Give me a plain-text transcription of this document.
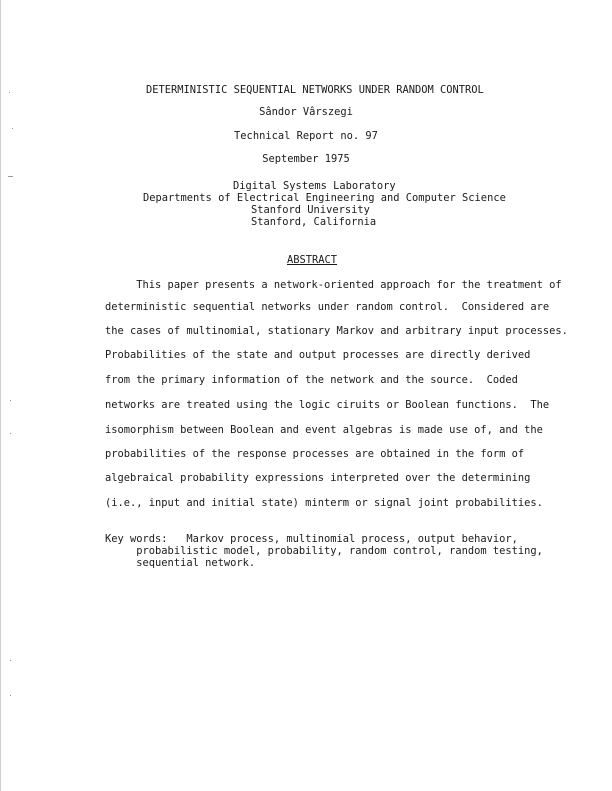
DETERMINISTIC SEQUENTIAL NETWORKS UNDER RANDOM CONTROL
Sândor Vârszegi
Technical Report no. 97
September 1975
Digital Systems Laboratory
Departments of Electrical Engineering and Computer Science
Stanford University
Stanford, California
ABSTRACT
This paper presents a network-oriented approach for the treatment of
deterministic sequential networks under random control.  Considered are
the cases of multinomial, stationary Markov and arbitrary input processes.
Probabilities of the state and output processes are directly derived
from the primary information of the network and the source.  Coded
networks are treated using the logic ciruits or Boolean functions.  The
isomorphism between Boolean and event algebras is made use of, and the
probabilities of the response processes are obtained in the form of
algebraical probability expressions interpreted over the determining
(i.e., input and initial state) minterm or signal joint probabilities.
Key words:   Markov process, multinomial process, output behavior,
probabilistic model, probability, random control, random testing,
sequential network.
